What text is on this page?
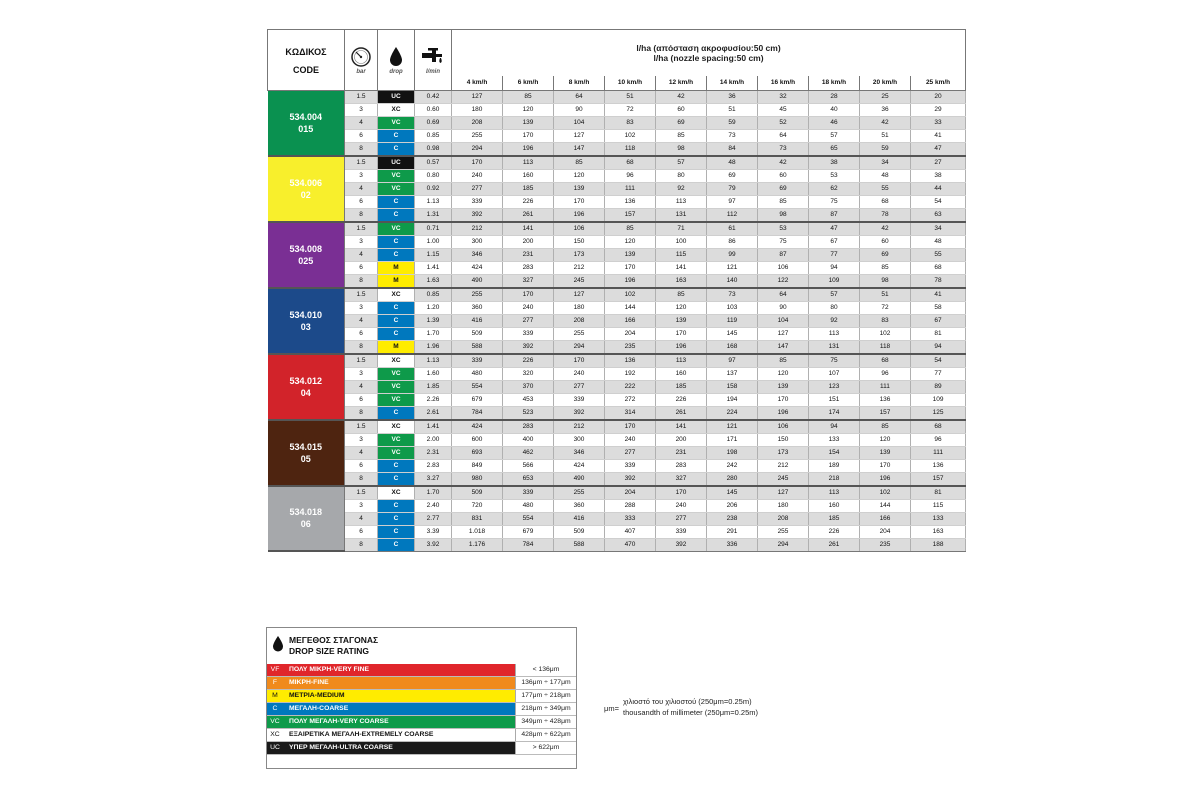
ΚΩΔΙΚΟΣ
CODE	bar	drop	l/min	l/ha (απόσταση ακροφυσίου:50 cm)
l/ha (nozzle spacing:50 cm)									

				4 km/h	6 km/h	8 km/h	10 km/h	12 km/h	14 km/h	16 km/h	18 km/h	20 km/h	25 km/h

534.004
015	1.5	UC	0.42	127	85	64	51	42	36	32	28	25	20
	3	XC	0.60	180	120	90	72	60	51	45	40	36	29
	4	VC	0.69	208	139	104	83	69	59	52	46	42	33
	6	C	0.85	255	170	127	102	85	73	64	57	51	41
	8	C	0.98	294	196	147	118	98	84	73	65	59	47

534.006
02	1.5	UC	0.57	170	113	85	68	57	48	42	38	34	27
	3	VC	0.80	240	160	120	96	80	69	60	53	48	38
	4	VC	0.92	277	185	139	111	92	79	69	62	55	44
	6	C	1.13	339	226	170	136	113	97	85	75	68	54
	8	C	1.31	392	261	196	157	131	112	98	87	78	63

534.008
025	1.5	VC	0.71	212	141	106	85	71	61	53	47	42	34
	3	C	1.00	300	200	150	120	100	86	75	67	60	48
	4	C	1.15	346	231	173	139	115	99	87	77	69	55
	6	M	1.41	424	283	212	170	141	121	106	94	85	68
	8	M	1.63	490	327	245	196	163	140	122	109	98	78

534.010
03	1.5	XC	0.85	255	170	127	102	85	73	64	57	51	41
	3	C	1.20	360	240	180	144	120	103	90	80	72	58
	4	C	1.39	416	277	208	166	139	119	104	92	83	67
	6	C	1.70	509	339	255	204	170	145	127	113	102	81
	8	M	1.96	588	392	294	235	196	168	147	131	118	94

534.012
04	1.5	XC	1.13	339	226	170	136	113	97	85	75	68	54
	3	VC	1.60	480	320	240	192	160	137	120	107	96	77
	4	VC	1.85	554	370	277	222	185	158	139	123	111	89
	6	VC	2.26	679	453	339	272	226	194	170	151	136	109
	8	C	2.61	784	523	392	314	261	224	196	174	157	125

534.015
05	1.5	XC	1.41	424	283	212	170	141	121	106	94	85	68
	3	VC	2.00	600	400	300	240	200	171	150	133	120	96
	4	VC	2.31	693	462	346	277	231	198	173	154	139	111
	6	C	2.83	849	566	424	339	283	242	212	189	170	136
	8	C	3.27	980	653	490	392	327	280	245	218	196	157

534.018
06	1.5	XC	1.70	509	339	255	204	170	145	127	113	102	81
	3	C	2.40	720	480	360	288	240	206	180	160	144	115
	4	C	2.77	831	554	416	333	277	238	208	185	166	133
	6	C	3.39	1.018	679	509	407	339	291	255	226	204	163
	8	C	3.92	1.176	784	588	470	392	336	294	261	235	188
ΜΕΓΕΘΟΣ ΣΤΑΓΟΝΑΣ
DROP SIZE RATING
VF	ΠΟΛΥ ΜΙΚΡΗ-VERY FINE	< 136μm
F	ΜΙΚΡΗ-FINE	136μm ÷ 177μm
M	ΜΕΤΡΙΑ-MEDIUM	177μm ÷ 218μm
C	ΜΕΓΑΛΗ-COARSE	218μm ÷ 349μm
VC	ΠΟΛΥ ΜΕΓΑΛΗ-VERY COARSE	349μm ÷ 428μm
XC	ΕΞΑΙΡΕΤΙΚΑ ΜΕΓΑΛΗ-EXTREMELY COARSE	428μm ÷ 622μm
UC	ΥΠΕΡ ΜΕΓΑΛΗ-ULTRA COARSE	> 622μm
μm=
χιλιοστό του χιλιοστού (250μm=0.25m)
thousandth of millimeter (250μm=0.25m)
